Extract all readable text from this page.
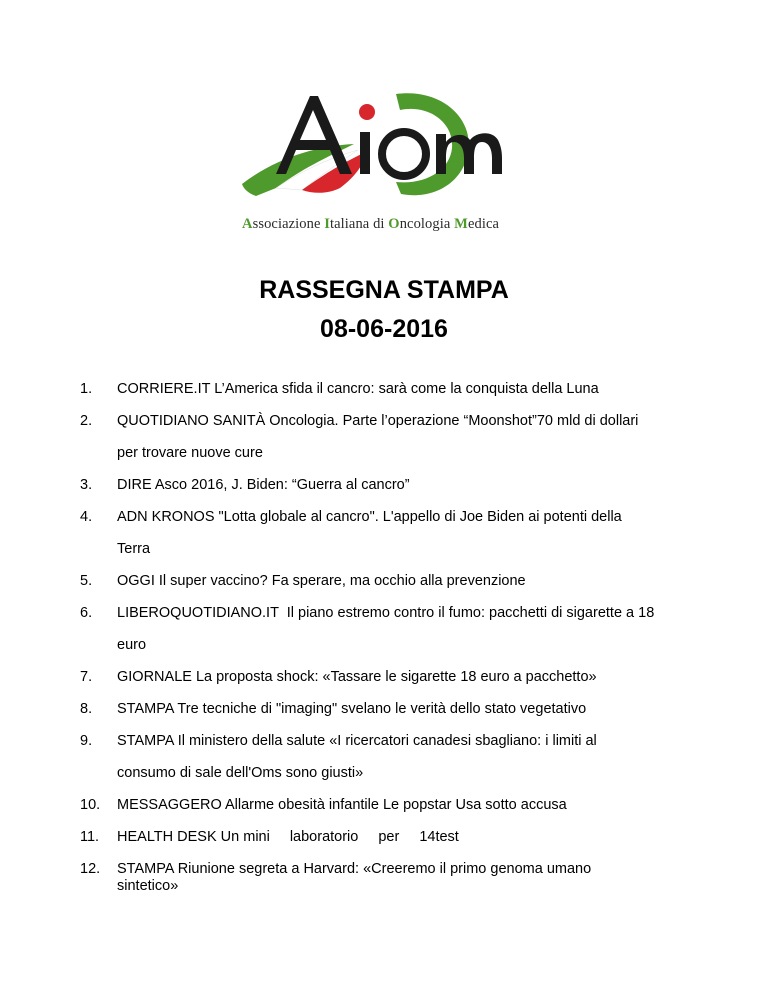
Associazione Italiana di Oncologia Medica
RASSEGNA STAMPA
08-06-2016
1. CORRIERE.IT L’America sfida il cancro: sarà come la conquista della Luna
2. QUOTIDIANO SANITÀ Oncologia. Parte l’operazione “Moonshot”70 mld di dollari
per trovare nuove cure
3. DIRE Asco 2016, J. Biden: “Guerra al cancro”
4. ADN KRONOS "Lotta globale al cancro". L'appello di Joe Biden ai potenti della
Terra
5. OGGI Il super vaccino? Fa sperare, ma occhio alla prevenzione
6. LIBEROQUOTIDIANO.IT  Il piano estremo contro il fumo: pacchetti di sigarette a 18
euro
7. GIORNALE La proposta shock: «Tassare le sigarette 18 euro a pacchetto»
8. STAMPA Tre tecniche di "imaging" svelano le verità dello stato vegetativo
9. STAMPA Il ministero della salute «I ricercatori canadesi sbagliano: i limiti al
consumo di sale dell'Oms sono giusti»
10. MESSAGGERO Allarme obesità infantile Le popstar Usa sotto accusa
11. HEALTH DESK Un mini laboratorio per 14test
12. STAMPA Riunione segreta a Harvard: «Creeremo il primo genoma umano
sintetico»
